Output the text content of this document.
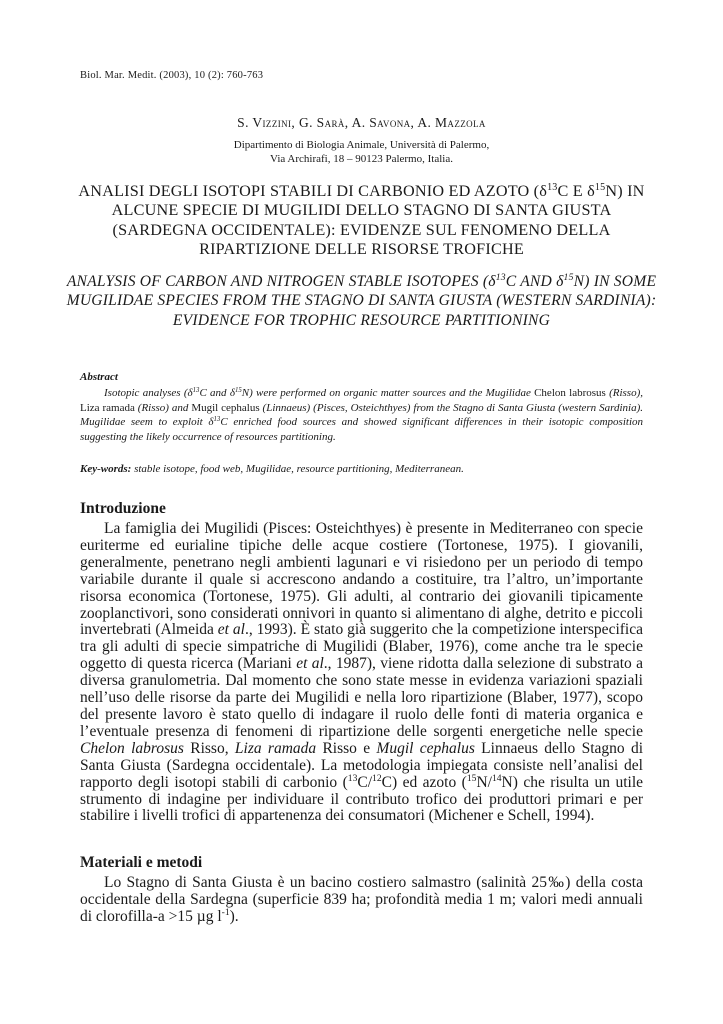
Biol. Mar. Medit. (2003), 10 (2): 760-763
S. Vizzini, G. Sarà, A. Savona, A. Mazzola
Dipartimento di Biologia Animale, Università di Palermo,
Via Archirafi, 18 – 90123 Palermo, Italia.
ANALISI DEGLI ISOTOPI STABILI DI CARBONIO ED AZOTO ($\delta^{13}C$ E $\delta^{15}N$) IN ALCUNE SPECIE DI MUGILIDI DELLO STAGNO DI SANTA GIUSTA (SARDEGNA OCCIDENTALE): EVIDENZE SUL FENOMENO DELLA RIPARTIZIONE DELLE RISORSE TROFICHE
ANALYSIS OF CARBON AND NITROGEN STABLE ISOTOPES ($\delta^{13}C$ AND $\delta^{15}N$) IN SOME MUGILIDAE SPECIES FROM THE STAGNO DI SANTA GIUSTA (WESTERN SARDINIA): EVIDENCE FOR TROPHIC RESOURCE PARTITIONING
Abstract
Isotopic analyses ($\delta^{13}C$ and $\delta^{15}N$) were performed on organic matter sources and the Mugilidae Chelon labrosus (Risso), Liza ramada (Risso) and Mugil cephalus (Linnaeus) (Pisces, Osteichthyes) from the Stagno di Santa Giusta (western Sardinia). Mugilidae seem to exploit $\delta^{13}C$ enriched food sources and showed significant differences in their isotopic composition suggesting the likely occurrence of resources partitioning.
Key-words: stable isotope, food web, Mugilidae, resource partitioning, Mediterranean.
Introduzione

La famiglia dei Mugilidi (Pisces: Osteichthyes) è presente in Mediterraneo con specie euriterme ed eurialine tipiche delle acque costiere (Tortonese, 1975). I giovanili, generalmente, penetrano negli ambienti lagunari e vi risiedono per un periodo di tempo variabile durante il quale si accrescono andando a costituire, tra l’altro, un’importante risorsa economica (Tortonese, 1975). Gli adulti, al contrario dei giovanili tipicamente zooplanctivori, sono considerati onnivori in quanto si alimentano di alghe, detrito e piccoli invertebrati (Almeida et al., 1993). È stato già suggerito che la competizione interspecifica tra gli adulti di specie simpatriche di Mugilidi (Blaber, 1976), come anche tra le specie oggetto di questa ricerca (Mariani et al., 1987), viene ridotta dalla selezione di substrato a diversa granulometria. Dal momento che sono state messe in evidenza variazioni spaziali nell’uso delle risorse da parte dei Mugilidi e nella loro ripartizione (Blaber, 1977), scopo del presente lavoro è stato quello di indagare il ruolo delle fonti di materia organica e l’eventuale presenza di fenomeni di ripartizione delle sorgenti energetiche nelle specie Chelon labrosus Risso, Liza ramada Risso e Mugil cephalus Linnaeus dello Stagno di Santa Giusta (Sardegna occidentale). La metodologia impiegata consiste nell’analisi del rapporto degli isotopi stabili di carbonio ($^{13}$C/$^{12}$C) ed azoto ($^{15}$N/$^{14}$N) che risulta un utile strumento di indagine per individuare il contributo trofico dei produttori primari e per stabilire i livelli trofici di appartenenza dei consumatori (Michener e Schell, 1994).

Materiali e metodi

Lo Stagno di Santa Giusta è un bacino costiero salmastro (salinità 25‰) della costa occidentale della Sardegna (superficie 839 ha; profondità media 1 m; valori medi annuali di clorofilla-a >15 µg $l^{-1}$).
